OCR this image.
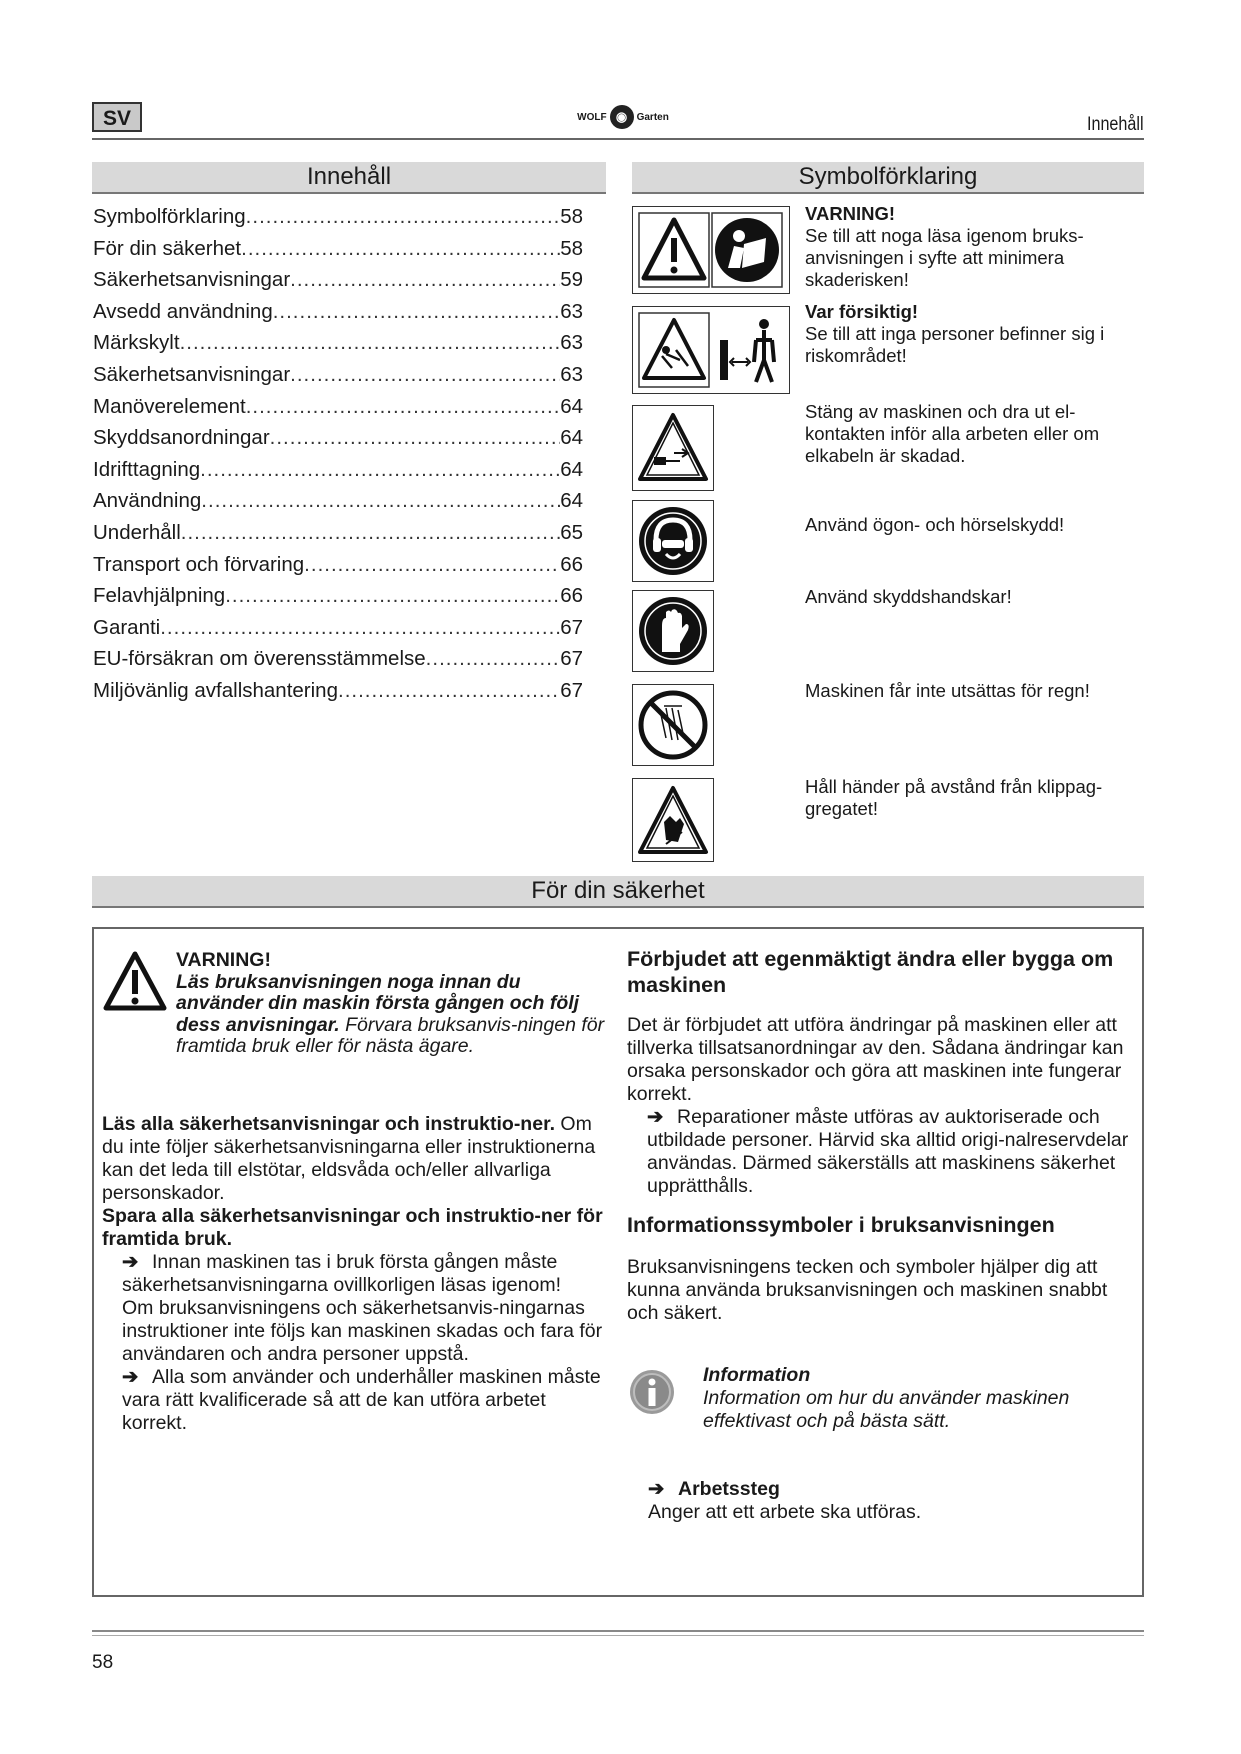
SV	WOLF ◉ Garten	Innehåll
Innehåll
Symbolförklaring .....	58
För din säkerhet .....	58
Säkerhetsanvisningar .....	59
Avsedd användning .....	63
Märkskylt .....	63
Säkerhetsanvisningar .....	63
Manöverelement .....	64
Skyddsanordningar .....	64
Idrifttagning .....	64
Användning .....	64
Underhåll .....	65
Transport och förvaring .....	66
Felavhjälpning .....	66
Garanti .....	67
EU-försäkran om överensstämmelse .....	67
Miljövänlig avfallshantering .....	67
Symbolförklaring
VARNING!
Se till att noga läsa igenom bruks-anvisningen i syfte att minimera skaderisken!
Var försiktig!
Se till att inga personer befinner sig i riskområdet!
Stäng av maskinen och dra ut el-kontakten inför alla arbeten eller om elkabeln är skadad.
Använd ögon- och hörselskydd!
Använd skyddshandskar!
Maskinen får inte utsättas för regn!
Håll händer på avstånd från klippag-gregatet!
För din säkerhet
VARNING!
Läs bruksanvisningen noga innan du använder din maskin första gången och följ dess anvisningar. Förvara bruksanvis-ningen för framtida bruk eller för nästa ägare.
Läs alla säkerhetsanvisningar och instruktio-ner. Om du inte följer säkerhetsanvisningarna eller instruktionerna kan det leda till elstötar, eldsvåda och/eller allvarliga personskador.
Spara alla säkerhetsanvisningar och instruktio-ner för framtida bruk.
➔ Innan maskinen tas i bruk första gången måste säkerhetsanvisningarna ovillkorligen läsas igenom!
Om bruksanvisningens och säkerhetsanvis-ningarnas instruktioner inte följs kan maskinen skadas och fara för användaren och andra personer uppstå.
➔ Alla som använder och underhåller maskinen måste vara rätt kvalificerade så att de kan utföra arbetet korrekt.
Förbjudet att egenmäktigt ändra eller bygga om maskinen
Det är förbjudet att utföra ändringar på maskinen eller att tillverka tillsatsanordningar av den. Sådana ändringar kan orsaka personskador och göra att maskinen inte fungerar korrekt.
➔ Reparationer måste utföras av auktoriserade och utbildade personer. Härvid ska alltid origi-nalreservdelar användas. Därmed säkerställs att maskinens säkerhet upprätthålls.
Informationssymboler i bruksanvisningen
Bruksanvisningens tecken och symboler hjälper dig att kunna använda bruksanvisningen och maskinen snabbt och säkert.
Information
Information om hur du använder maskinen effektivast och på bästa sätt.
➔ Arbetssteg
Anger att ett arbete ska utföras.
58
